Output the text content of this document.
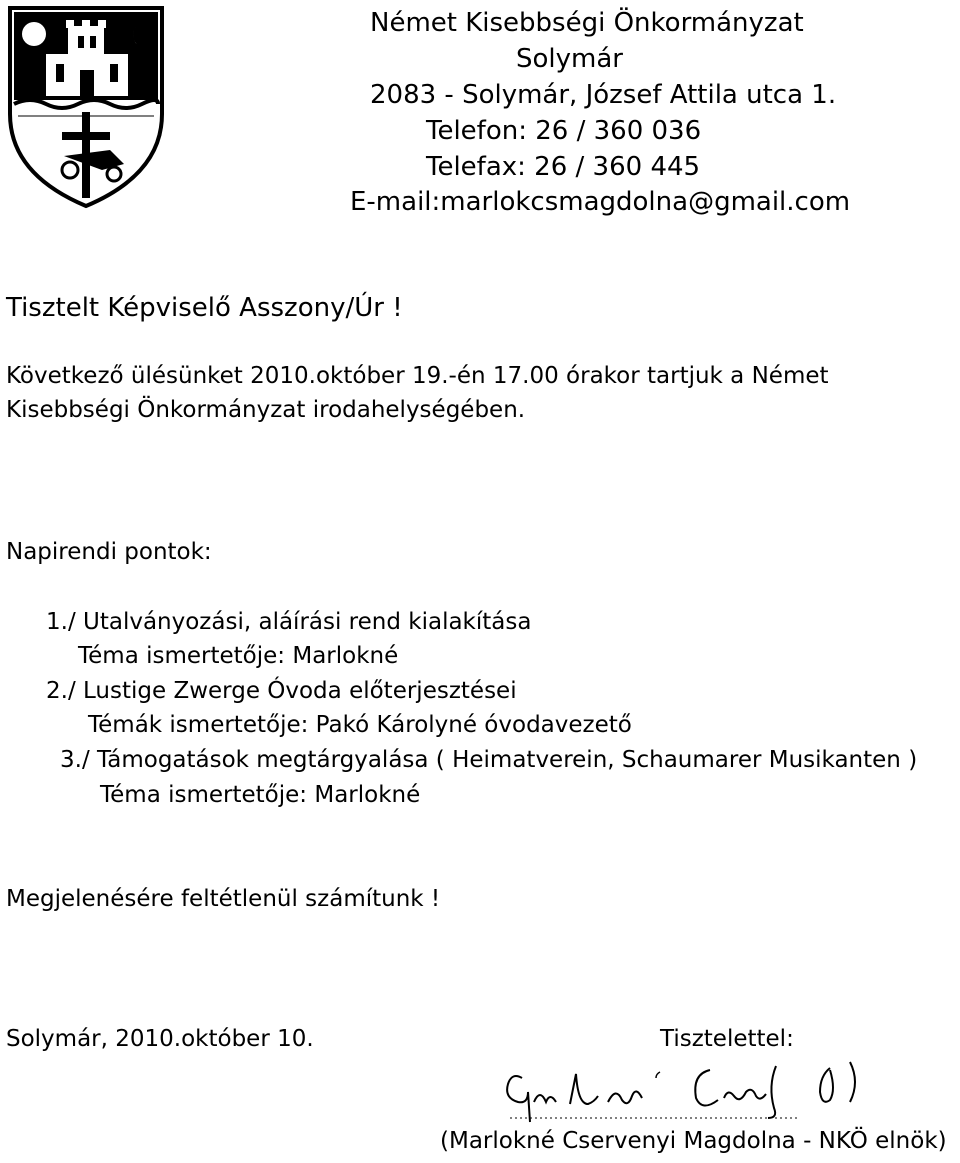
Német Kisebbségi Önkormányzat
Solymár
2083 - Solymár, József Attila utca 1.
Telefon: 26 / 360 036
Telefax: 26 / 360 445
E-mail:marlokcsmagdolna@gmail.com
Tisztelt Képviselő Asszony/Úr !
Következő ülésünket 2010.október 19.-én 17.00 órakor tartjuk a Német
Kisebbségi Önkormányzat irodahelységében.
Napirendi pontok:
1./ Utalványozási, aláírási rend kialakítása
Téma ismertetője: Marlokné
2./ Lustige Zwerge Óvoda előterjesztései
Témák ismertetője: Pakó Károlyné óvodavezető
3./ Támogatások megtárgyalása ( Heimatverein, Schaumarer Musikanten )
Téma ismertetője: Marlokné
Megjelenésére feltétlenül számítunk !
Solymár, 2010.október 10.	Tisztelettel:
(Marlokné Cservenyi Magdolna - NKÖ elnök)
